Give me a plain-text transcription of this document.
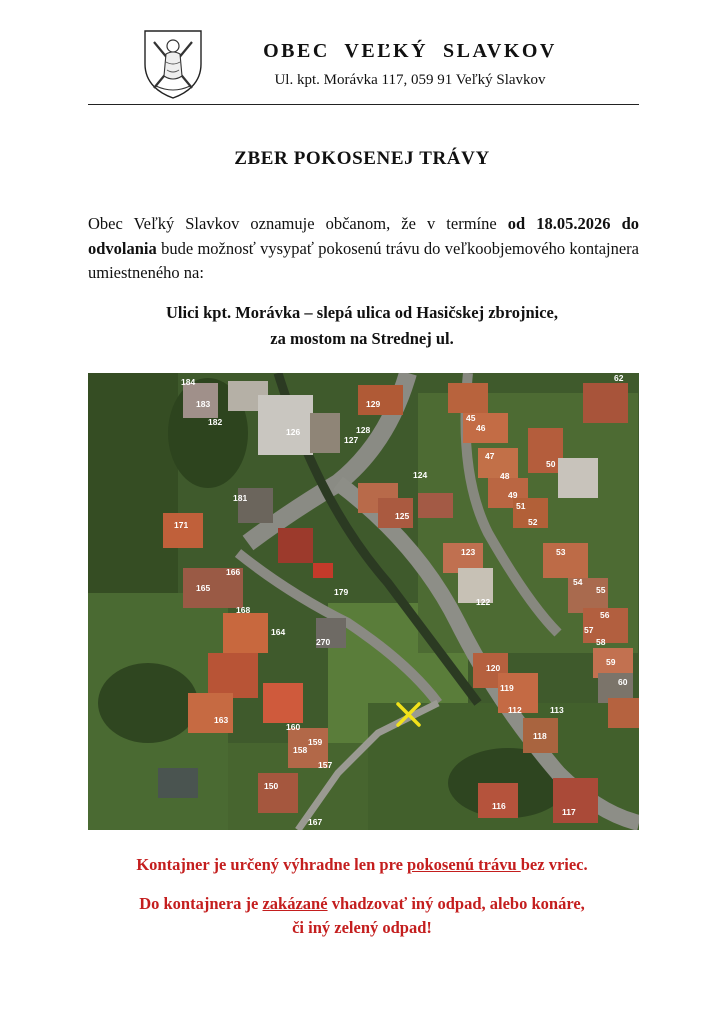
OBEC  VEĽKÝ  SLAVKOV
Ul. kpt. Morávka 117, 059 91 Veľký Slavkov
ZBER POKOSENEJ TRÁVY
Obec Veľký Slavkov oznamuje občanom, že v termíne od 18.05.2026 do odvolania bude možnosť vysypať pokosenú trávu do veľkoobjemového kontajnera umiestneného na:
Ulici kpt. Morávka – slepá ulica od Hasičskej zbrojnice,
za mostom na Strednej ul.
184
183
182
126
127
128
129
181
171
124
125
123
122
165
166
168
179
270
164
163
160
158
159
157
150
167
116
117
62
45
46
47
48
49
50
51
52
53
54
55
56
57
58
59
60
120
119
112	113
118
Kontajner je určený výhradne len pre pokosenú trávu bez vriec.
Do kontajnera je zakázané vhadzovať iný odpad, alebo konáre,
či iný zelený odpad!
